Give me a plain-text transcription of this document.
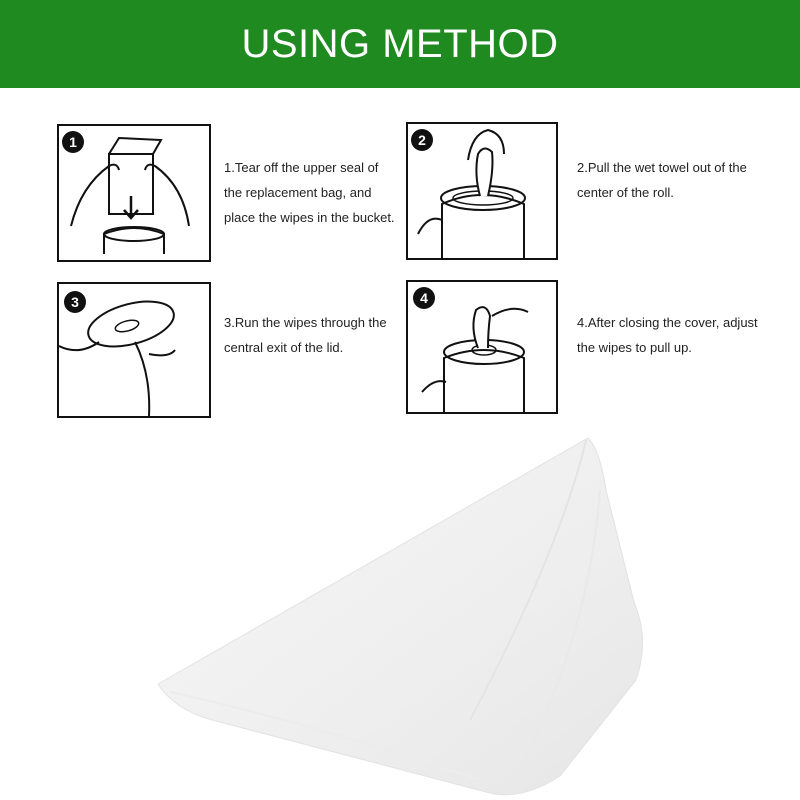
USING METHOD
1
1.Tear off the upper seal of
the replacement bag, and
place the wipes in the bucket.
2
2.Pull the wet towel out of the
center of the roll.
3
3.Run the wipes through the
central exit of the lid.
4
4.After closing the cover, adjust
the wipes to pull up.
